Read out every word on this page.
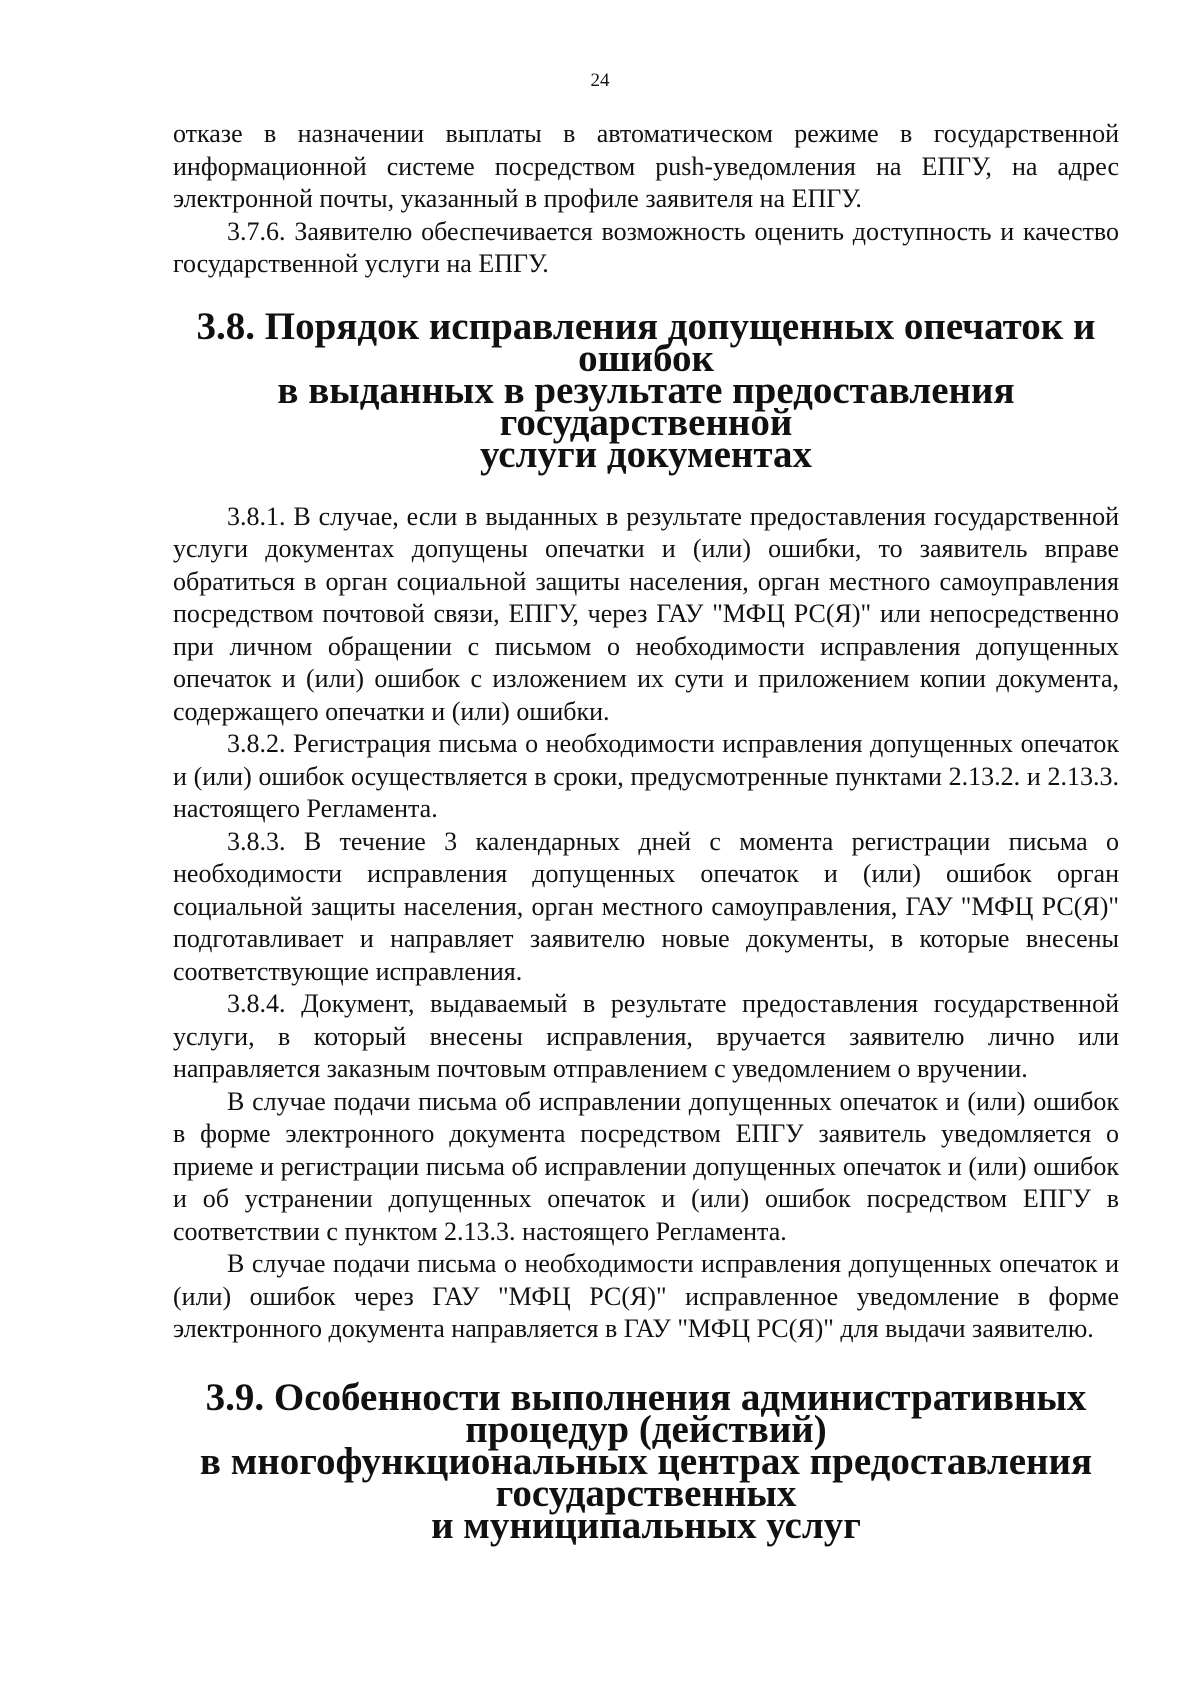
24

отказе в назначении выплаты в автоматическом режиме в государственной информационной системе посредством push-уведомления на ЕПГУ, на адрес электронной почты, указанный в профиле заявителя на ЕПГУ.

3.7.6. Заявителю обеспечивается возможность оценить доступность и качество государственной услуги на ЕПГУ.

3.8. Порядок исправления допущенных опечаток и ошибок
в выданных в результате предоставления государственной
услуги документах

3.8.1. В случае, если в выданных в результате предоставления государственной услуги документах допущены опечатки и (или) ошибки, то заявитель вправе обратиться в орган социальной защиты населения, орган местного самоуправления посредством почтовой связи, ЕПГУ, через ГАУ "МФЦ РС(Я)" или непосредственно при личном обращении с письмом о необходимости исправления допущенных опечаток и (или) ошибок с изложением их сути и приложением копии документа, содержащего опечатки и (или) ошибки.

3.8.2. Регистрация письма о необходимости исправления допущенных опечаток и (или) ошибок осуществляется в сроки, предусмотренные пунктами 2.13.2. и 2.13.3. настоящего Регламента.

3.8.3. В течение 3 календарных дней с момента регистрации письма о необходимости исправления допущенных опечаток и (или) ошибок орган социальной защиты населения, орган местного самоуправления, ГАУ "МФЦ РС(Я)" подготавливает и направляет заявителю новые документы, в которые внесены соответствующие исправления.

3.8.4. Документ, выдаваемый в результате предоставления государственной услуги, в который внесены исправления, вручается заявителю лично или направляется заказным почтовым отправлением с уведомлением о вручении.

В случае подачи письма об исправлении допущенных опечаток и (или) ошибок в форме электронного документа посредством ЕПГУ заявитель уведомляется о приеме и регистрации письма об исправлении допущенных опечаток и (или) ошибок и об устранении допущенных опечаток и (или) ошибок посредством ЕПГУ в соответствии с пунктом 2.13.3. настоящего Регламента.

В случае подачи письма о необходимости исправления допущенных опечаток и (или) ошибок через ГАУ "МФЦ РС(Я)" исправленное уведомление в форме электронного документа направляется в ГАУ "МФЦ РС(Я)" для выдачи заявителю.

3.9. Особенности выполнения административных процедур (действий)
в многофункциональных центрах предоставления государственных
и муниципальных услуг
